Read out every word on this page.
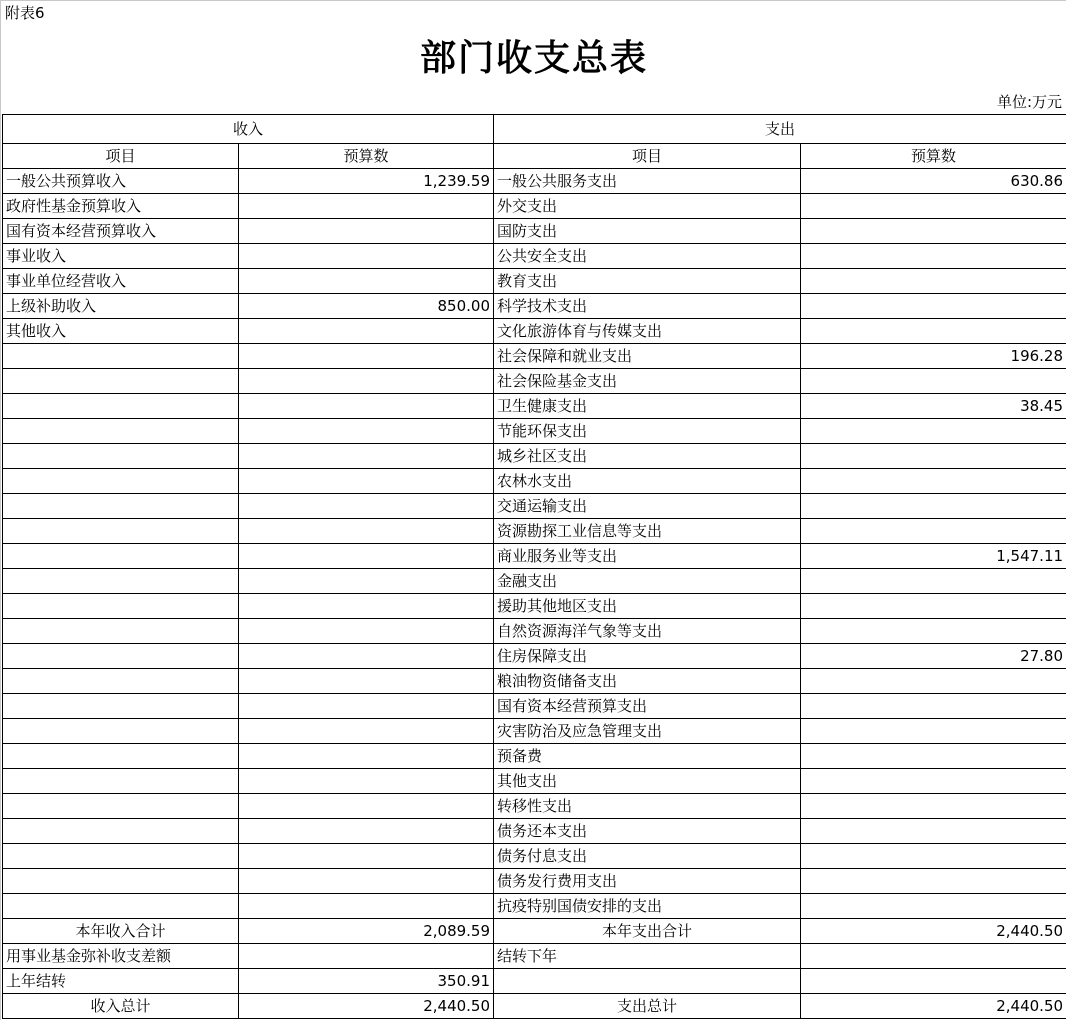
附表6
部门收支总表
单位:万元
收入		支出	
项目	预算数	项目	预算数
一般公共预算收入	1,239.59	一般公共服务支出	630.86
政府性基金预算收入		外交支出	
国有资本经营预算收入		国防支出	
事业收入		公共安全支出	
事业单位经营收入		教育支出	
上级补助收入	850.00	科学技术支出	
其他收入		文化旅游体育与传媒支出	
		社会保障和就业支出	196.28
		社会保险基金支出	
		卫生健康支出	38.45
		节能环保支出	
		城乡社区支出	
		农林水支出	
		交通运输支出	
		资源勘探工业信息等支出	
		商业服务业等支出	1,547.11
		金融支出	
		援助其他地区支出	
		自然资源海洋气象等支出	
		住房保障支出	27.80
		粮油物资储备支出	
		国有资本经营预算支出	
		灾害防治及应急管理支出	
		预备费	
		其他支出	
		转移性支出	
		债务还本支出	
		债务付息支出	
		债务发行费用支出	
		抗疫特别国债安排的支出	
本年收入合计	2,089.59	本年支出合计	2,440.50
用事业基金弥补收支差额		结转下年	
上年结转	350.91		
收入总计	2,440.50	支出总计	2,440.50
